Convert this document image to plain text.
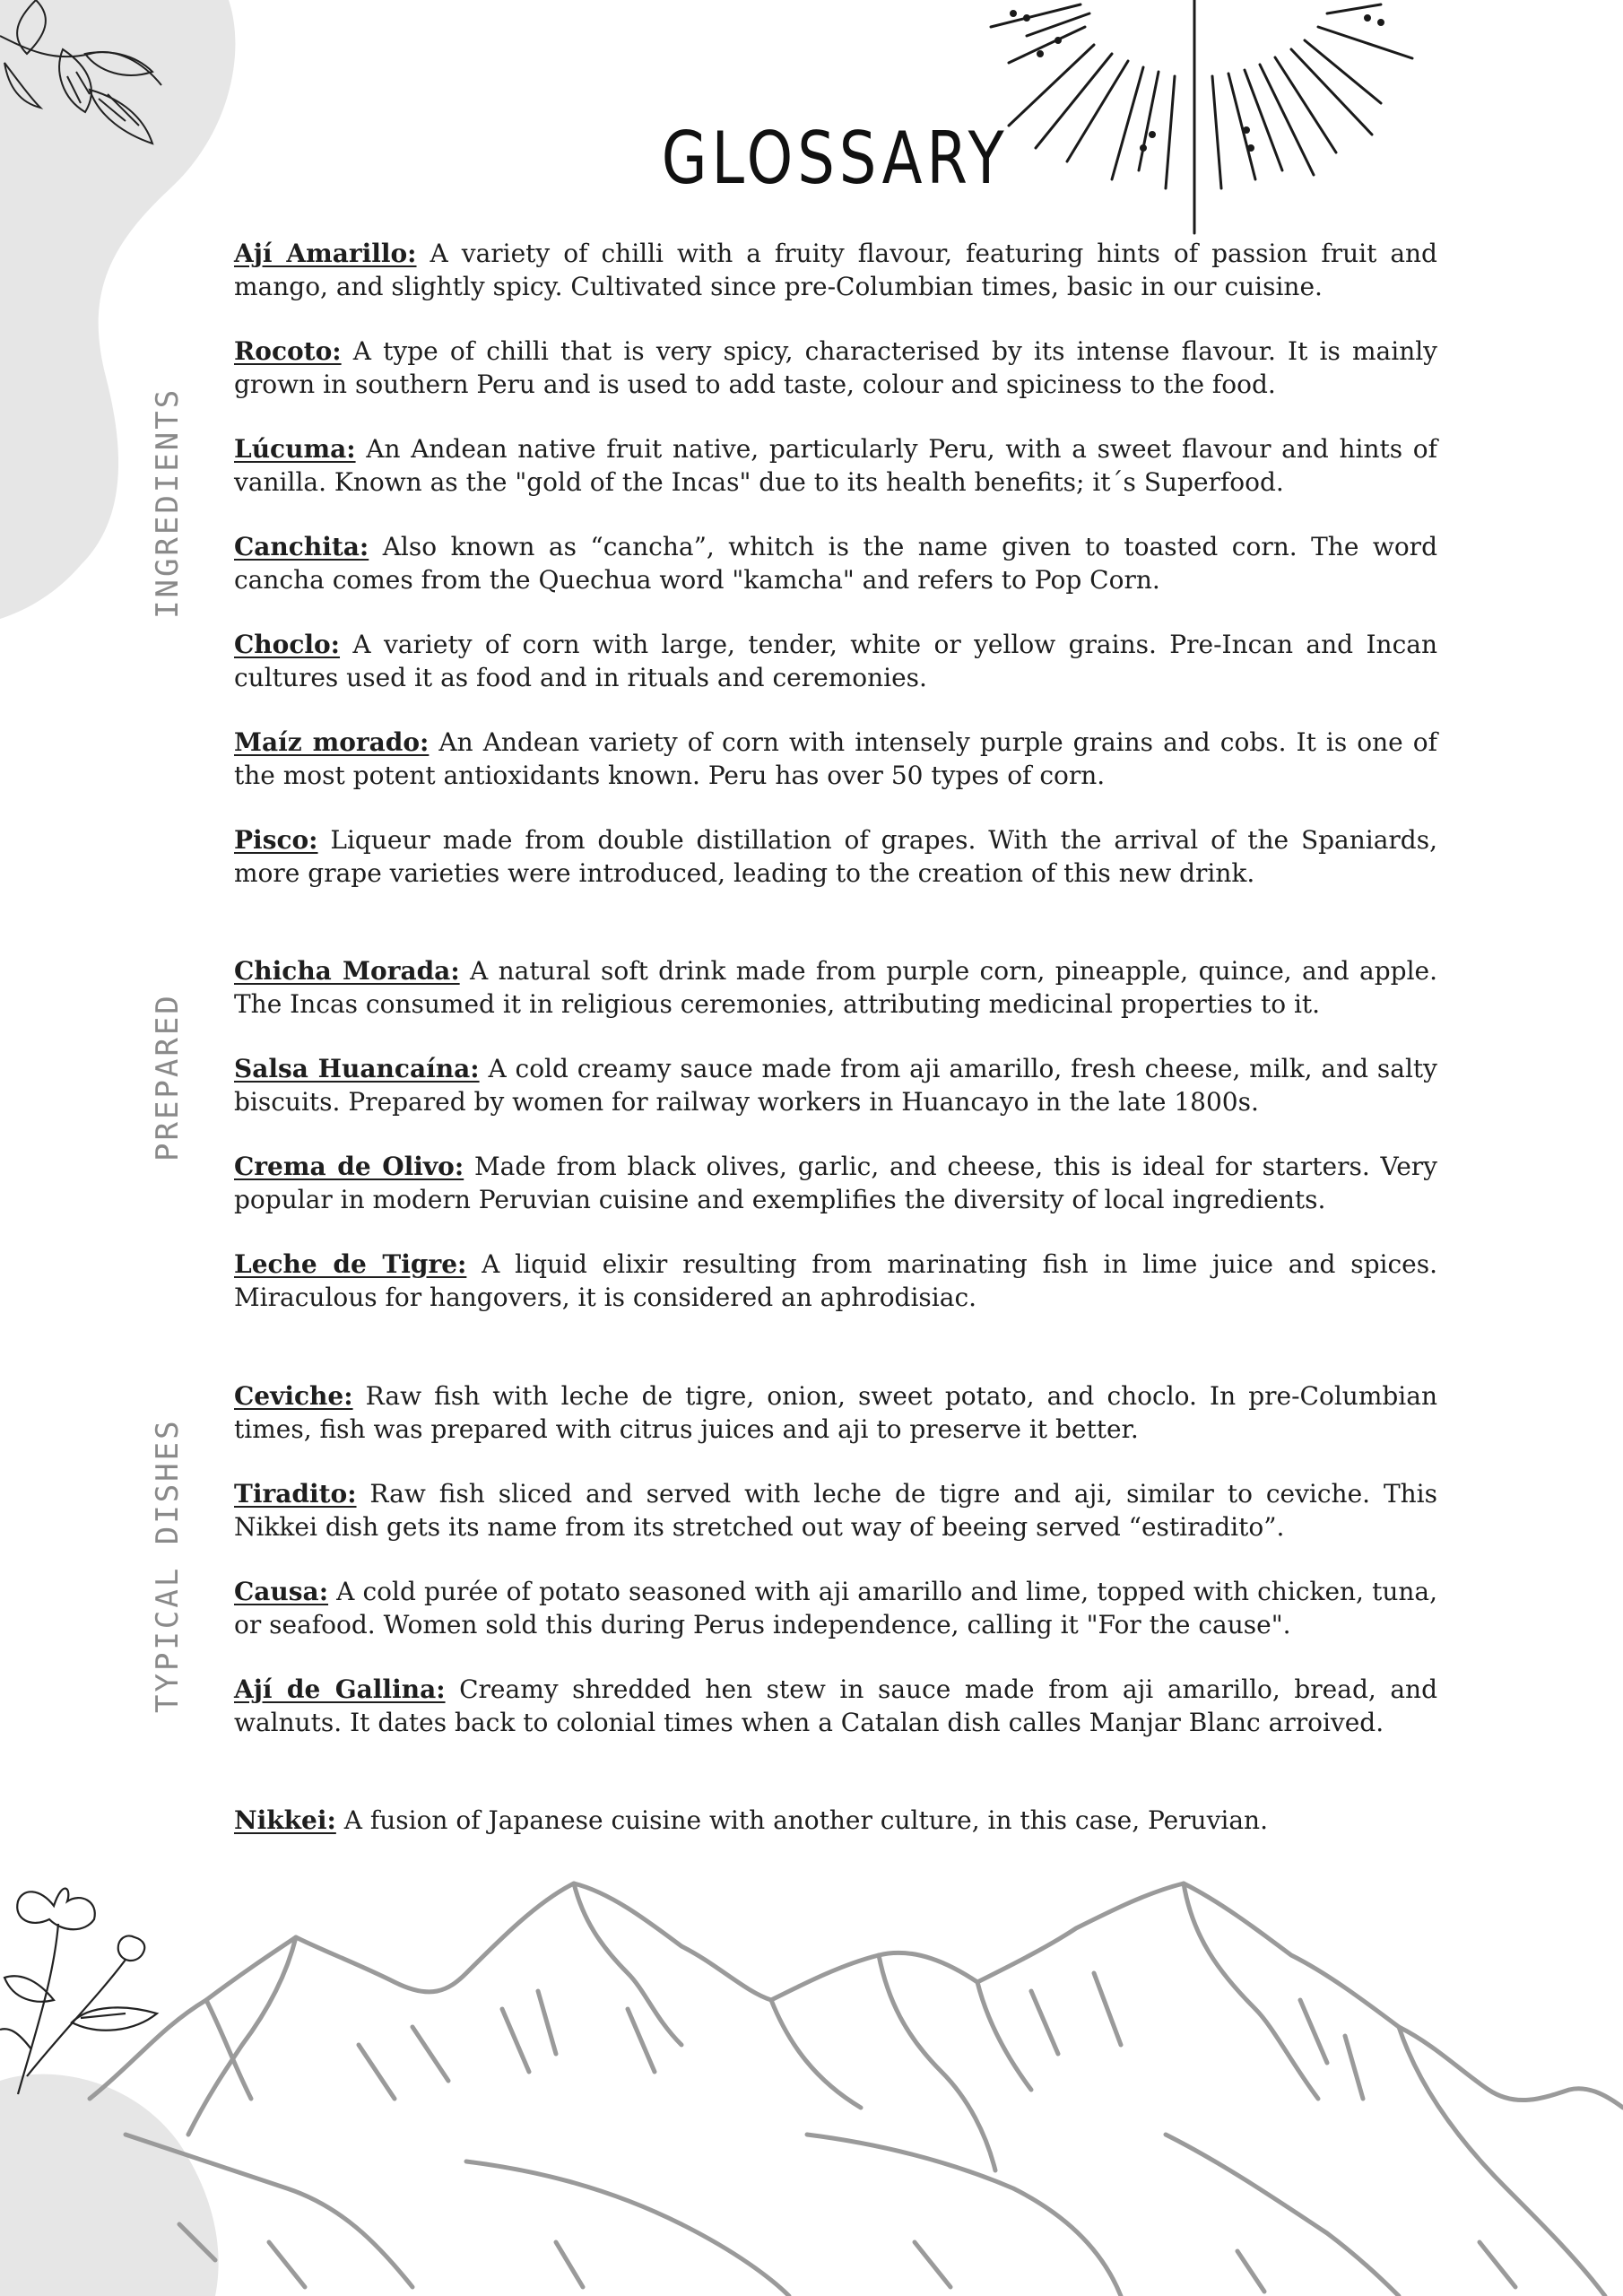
GLOSSARY
INGREDIENTS
PREPARED
TYPICAL DISHES
Ají Amarillo: A variety of chilli with a fruity flavour, featuring hints of passion fruit and mango, and slightly spicy. Cultivated since pre-Columbian times, basic in our cuisine.
Rocoto: A type of chilli that is very spicy, characterised by its intense flavour. It is mainly grown in southern Peru and is used to add taste, colour and spiciness to the food.
Lúcuma: An Andean native fruit native, particularly Peru, with a sweet flavour and hints of vanilla. Known as the "gold of the Incas" due to its health benefits; it´s Superfood.
Canchita: Also known as “cancha”, whitch is the name given to toasted corn. The word cancha comes from the Quechua word "kamcha" and refers to Pop Corn.
Choclo: A variety of corn with large, tender, white or yellow grains. Pre-Incan and Incan cultures used it as food and in rituals and ceremonies.
Maíz morado: An Andean variety of corn with intensely purple grains and cobs. It is one of the most potent antioxidants known. Peru has over 50 types of corn.
Pisco: Liqueur made from double distillation of grapes. With the arrival of the Spaniards, more grape varieties were introduced, leading to the creation of this new drink.
Chicha Morada: A natural soft drink made from purple corn, pineapple, quince, and apple. The Incas consumed it in religious ceremonies, attributing medicinal properties to it.
Salsa Huancaína: A cold creamy sauce made from aji amarillo, fresh cheese, milk, and salty biscuits. Prepared by women for railway workers in Huancayo in the late 1800s.
Crema de Olivo: Made from black olives, garlic, and cheese, this is ideal for starters. Very popular in modern Peruvian cuisine and exemplifies the diversity of local ingredients.
Leche de Tigre: A liquid elixir resulting from marinating fish in lime juice and spices. Miraculous for hangovers, it is considered an aphrodisiac.
Ceviche: Raw fish with leche de tigre, onion, sweet potato, and choclo. In pre-Columbian times, fish was prepared with citrus juices and aji to preserve it better.
Tiradito: Raw fish sliced and served with leche de tigre and aji, similar to ceviche. This Nikkei dish gets its name from its stretched out way of beeing served “estiradito”.
Causa: A cold purée of potato seasoned with aji amarillo and lime, topped with chicken, tuna, or seafood. Women sold this during Perus independence, calling it "For the cause".
Ají de Gallina: Creamy shredded hen stew in sauce made from aji amarillo, bread, and walnuts. It dates back to colonial times when a Catalan dish calles Manjar Blanc arroived.
Nikkei: A fusion of Japanese cuisine with another culture, in this case, Peruvian.
